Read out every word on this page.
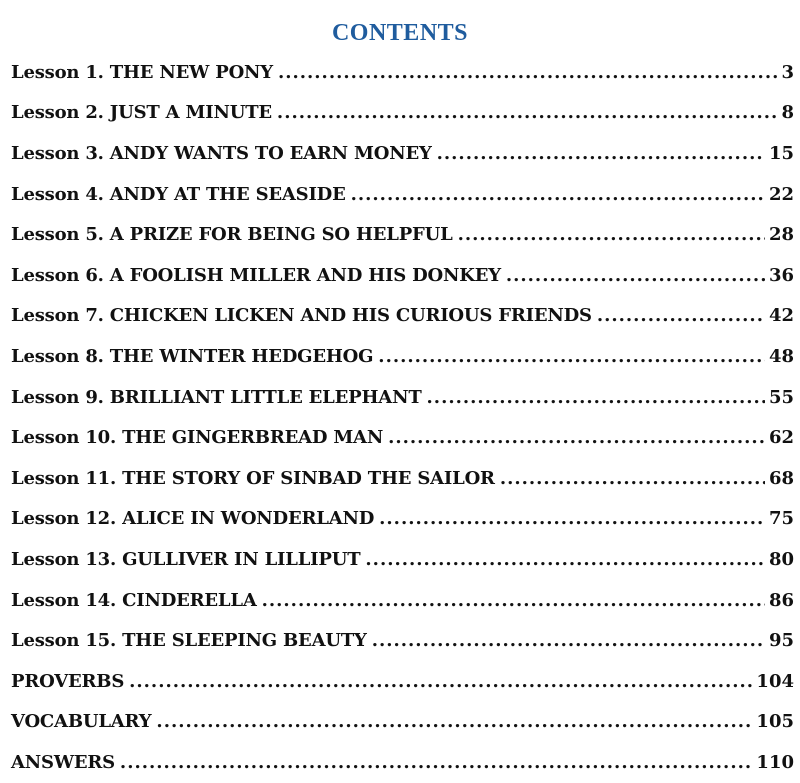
CONTENTS
Lesson 1. THE NEW PONY .....	3
Lesson 2. JUST A MINUTE .....	8
Lesson 3. ANDY WANTS TO EARN MONEY .....	15
Lesson 4. ANDY AT THE SEASIDE .....	22
Lesson 5. A PRIZE FOR BEING SO HELPFUL .....	28
Lesson 6. A FOOLISH MILLER AND HIS DONKEY .....	36
Lesson 7. CHICKEN LICKEN AND HIS CURIOUS FRIENDS .....	42
Lesson 8. THE WINTER HEDGEHOG .....	48
Lesson 9. BRILLIANT LITTLE ELEPHANT .....	55
Lesson 10. THE GINGERBREAD MAN .....	62
Lesson 11. THE STORY OF SINBAD THE SAILOR .....	68
Lesson 12. ALICE IN WONDERLAND .....	75
Lesson 13. GULLIVER IN LILLIPUT .....	80
Lesson 14. CINDERELLA .....	86
Lesson 15. THE SLEEPING BEAUTY .....	95
PROVERBS .....	104
VOCABULARY .....	105
ANSWERS .....	110
